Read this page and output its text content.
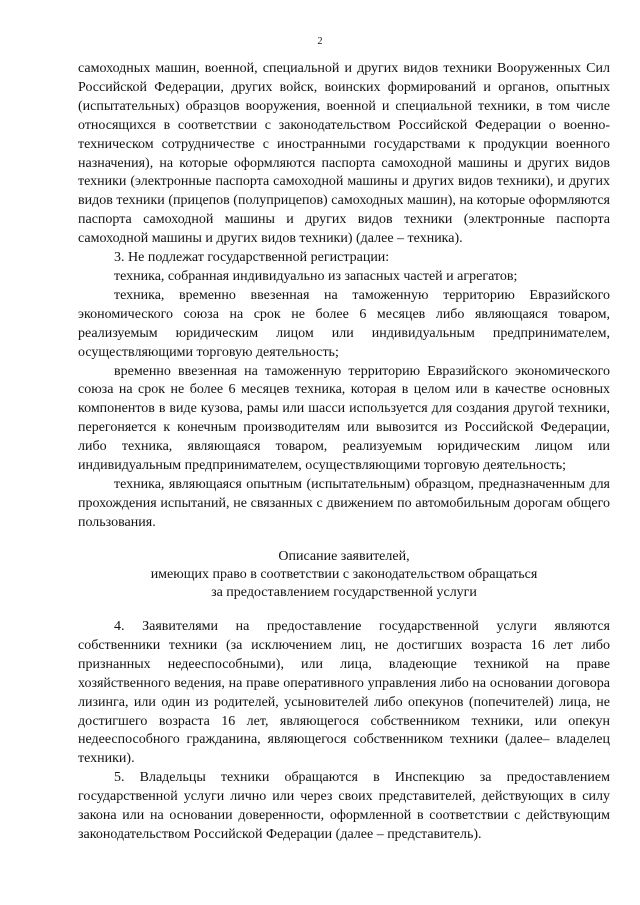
2

самоходных машин, военной, специальной и других видов техники Вооруженных Сил Российской Федерации, других войск, воинских формирований и органов, опытных (испытательных) образцов вооружения, военной и специальной техники, в том числе относящихся в соответствии с законодательством Российской Федерации о военно-техническом сотрудничестве с иностранными государствами к продукции военного назначения), на которые оформляются паспорта самоходной машины и других видов техники (электронные паспорта самоходной машины и других видов техники), и других видов техники (прицепов (полуприцепов) самоходных машин), на которые оформляются паспорта самоходной машины и других видов техники (электронные паспорта самоходной машины и других видов техники) (далее – техника).

3. Не подлежат государственной регистрации:

техника, собранная индивидуально из запасных частей и агрегатов;

техника, временно ввезенная на таможенную территорию Евразийского экономического союза на срок не более 6 месяцев либо являющаяся товаром, реализуемым юридическим лицом или индивидуальным предпринимателем, осуществляющими торговую деятельность;

временно ввезенная на таможенную территорию Евразийского экономического союза на срок не более 6 месяцев техника, которая в целом или в качестве основных компонентов в виде кузова, рамы или шасси используется для создания другой техники, перегоняется к конечным производителям или вывозится из Российской Федерации, либо техника, являющаяся товаром, реализуемым юридическим лицом или индивидуальным предпринимателем, осуществляющими торговую деятельность;

техника, являющаяся опытным (испытательным) образцом, предназначенным для прохождения испытаний, не связанных с движением по автомобильным дорогам общего пользования.

Описание заявителей,
имеющих право в соответствии с законодательством обращаться
за предоставлением государственной услуги

4. Заявителями на предоставление государственной услуги являются собственники техники (за исключением лиц, не достигших возраста 16 лет либо признанных недееспособными), или лица, владеющие техникой на праве хозяйственного ведения, на праве оперативного управления либо на основании договора лизинга, или один из родителей, усыновителей либо опекунов (попечителей) лица, не достигшего возраста 16 лет, являющегося собственником техники, или опекун недееспособного гражданина, являющегося собственником техники (далее– владелец техники).

5. Владельцы техники обращаются в Инспекцию за предоставлением государственной услуги лично или через своих представителей, действующих в силу закона или на основании доверенности, оформленной в соответствии с действующим законодательством Российской Федерации (далее – представитель).
